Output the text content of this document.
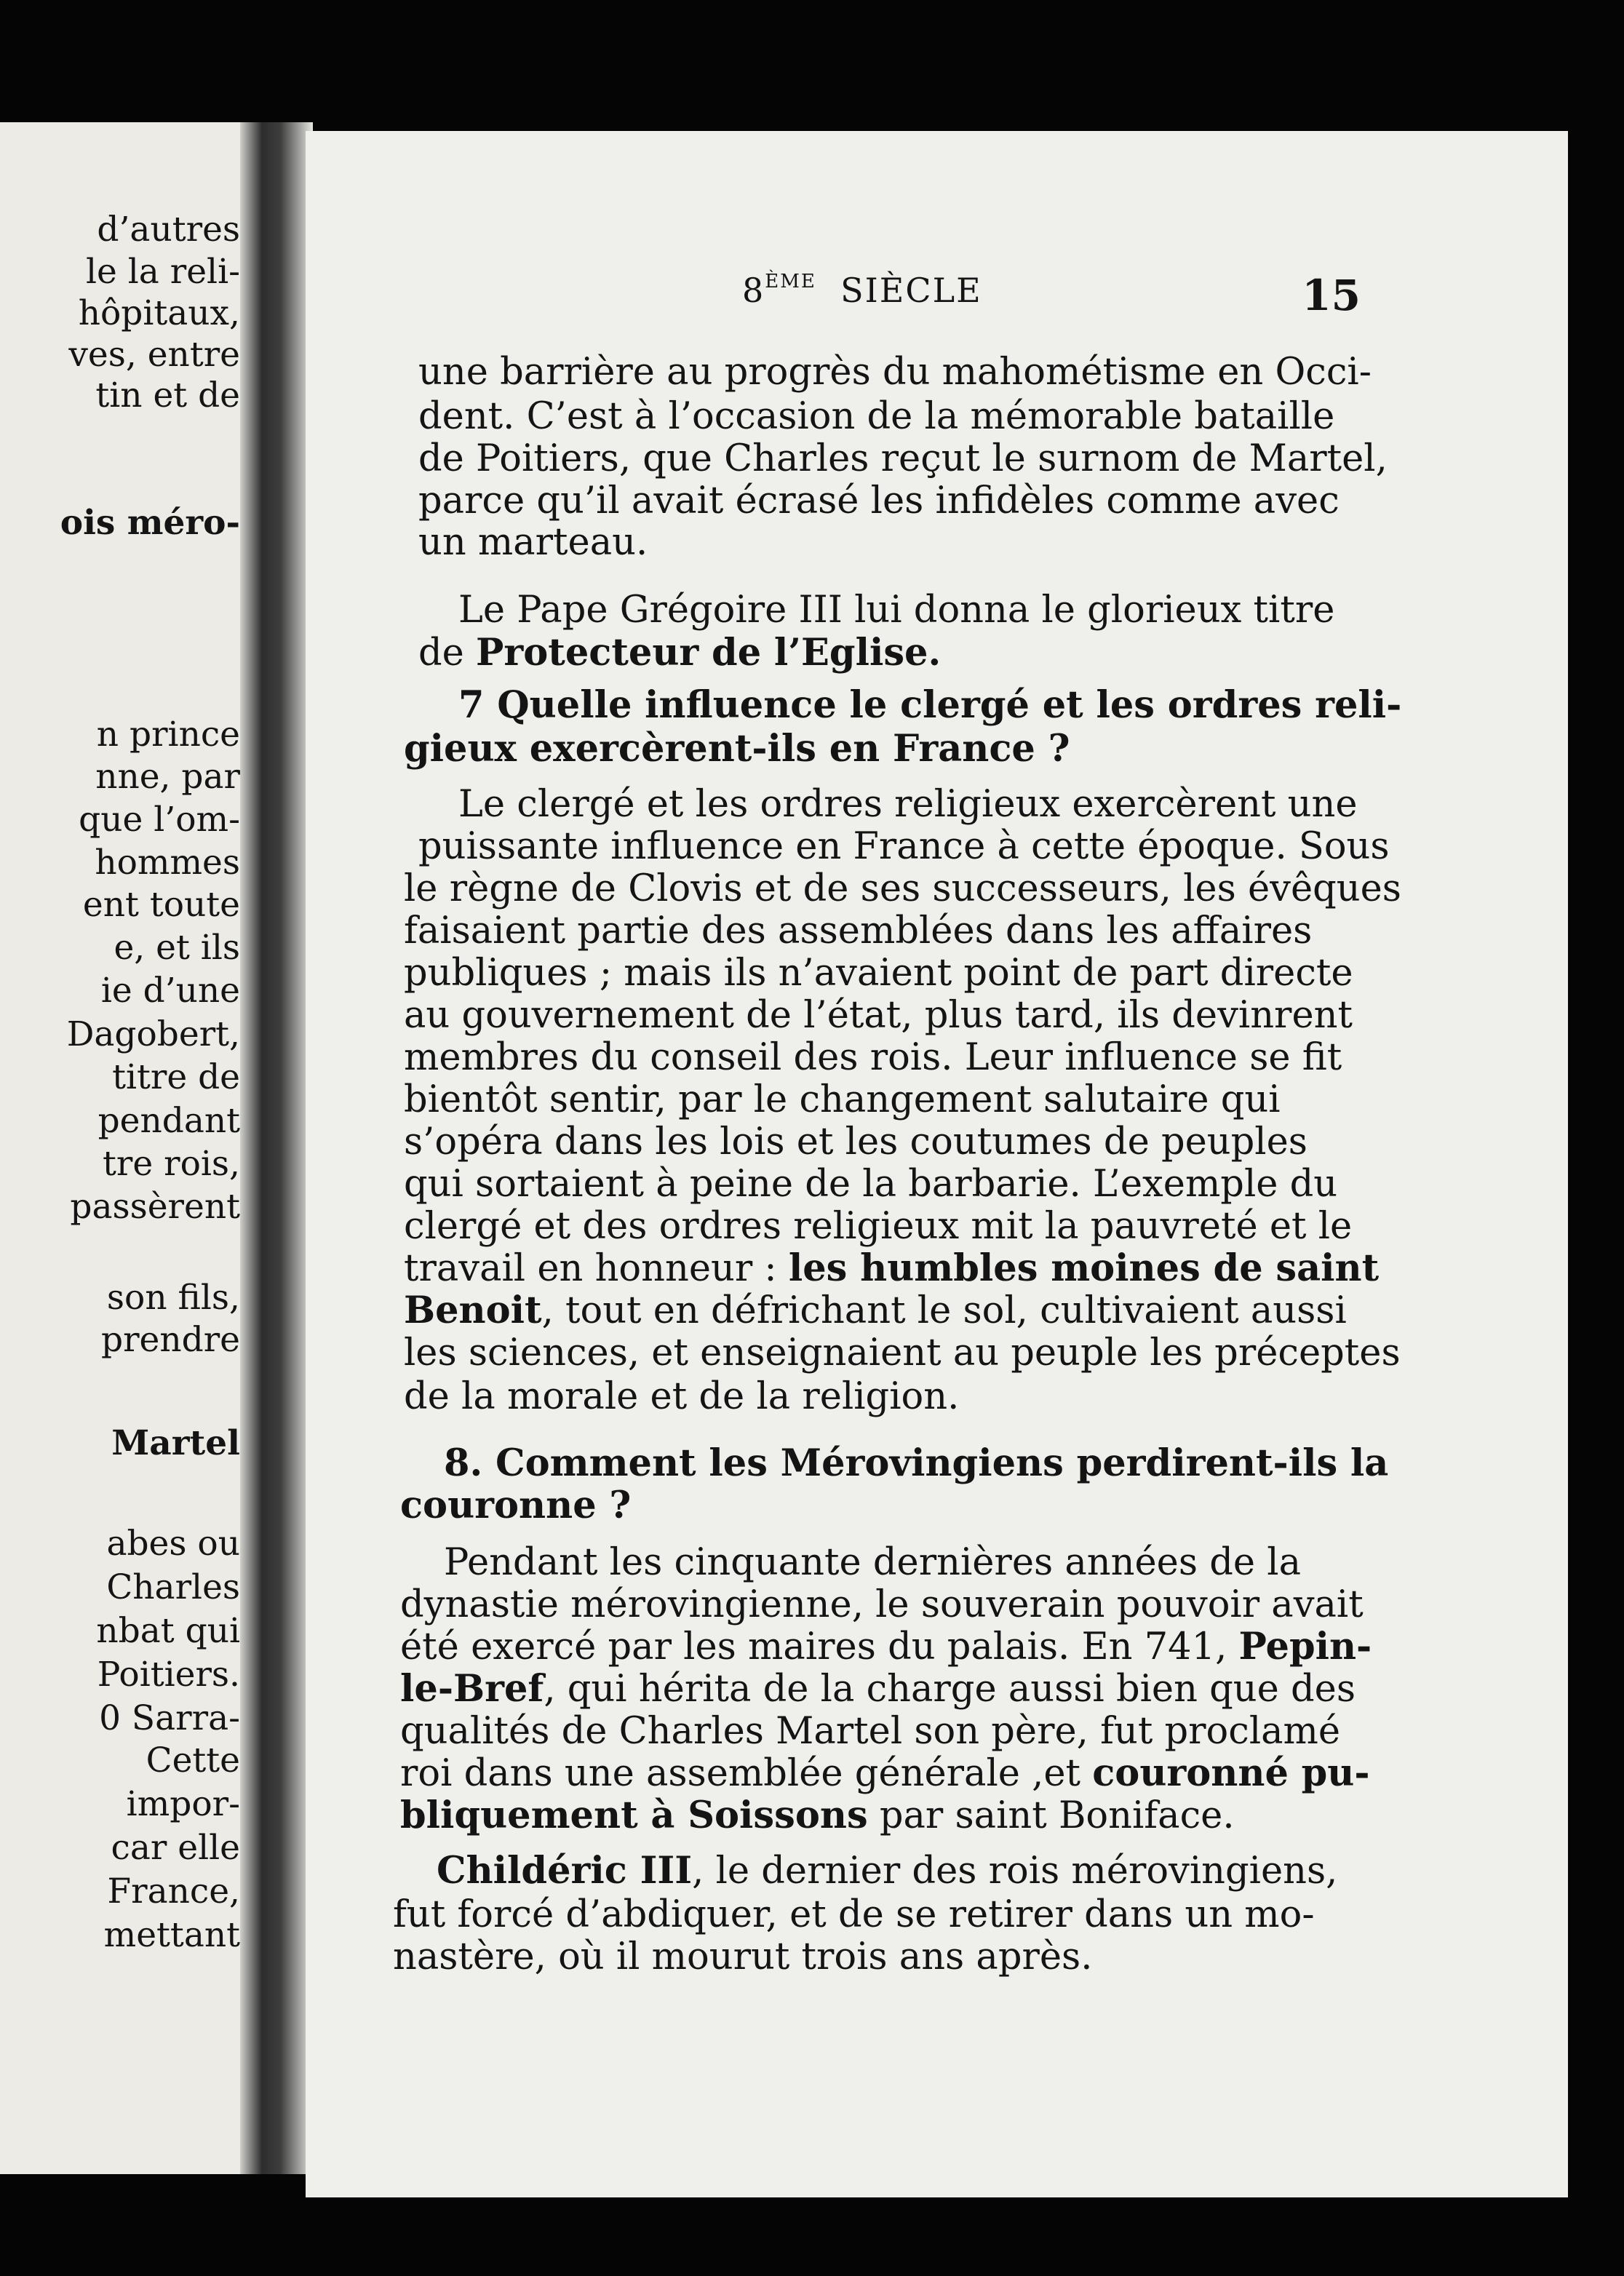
d’autres
le la reli-
hôpitaux,
ves, entre
tin et de
ois méro-
n prince
nne, par
que l’om-
hommes
ent toute
e, et ils
ie d’une
Dagobert,
titre de
pendant
tre rois,
passèrent
son fils,
prendre
Martel
abes ou
Charles
nbat qui
Poitiers.
0 Sarra-
Cette
impor-
car elle
France,
mettant
8ÈME SIÈCLE	15
une barrière au progrès du mahométisme en Occi-
dent. C’est à l’occasion de la mémorable bataille
de Poitiers, que Charles reçut le surnom de Martel,
parce qu’il avait écrasé les infidèles comme avec
un marteau.
Le Pape Grégoire III lui donna le glorieux titre
de Protecteur de l’Eglise.
7 Quelle influence le clergé et les ordres reli-
gieux exercèrent-ils en France ?
Le clergé et les ordres religieux exercèrent une
puissante influence en France à cette époque. Sous
le règne de Clovis et de ses successeurs, les évêques
faisaient partie des assemblées dans les affaires
publiques ; mais ils n’avaient point de part directe
au gouvernement de l’état, plus tard, ils devinrent
membres du conseil des rois. Leur influence se fit
bientôt sentir, par le changement salutaire qui
s’opéra dans les lois et les coutumes de peuples
qui sortaient à peine de la barbarie. L’exemple du
clergé et des ordres religieux mit la pauvreté et le
travail en honneur : les humbles moines de saint
Benoit, tout en défrichant le sol, cultivaient aussi
les sciences, et enseignaient au peuple les préceptes
de la morale et de la religion.
8. Comment les Mérovingiens perdirent-ils la
couronne ?
Pendant les cinquante dernières années de la
dynastie mérovingienne, le souverain pouvoir avait
été exercé par les maires du palais. En 741, Pepin-
le-Bref, qui hérita de la charge aussi bien que des
qualités de Charles Martel son père, fut proclamé
roi dans une assemblée générale ,et couronné pu-
bliquement à Soissons par saint Boniface.
Childéric III, le dernier des rois mérovingiens,
fut forcé d’abdiquer, et de se retirer dans un mo-
nastère, où il mourut trois ans après.
